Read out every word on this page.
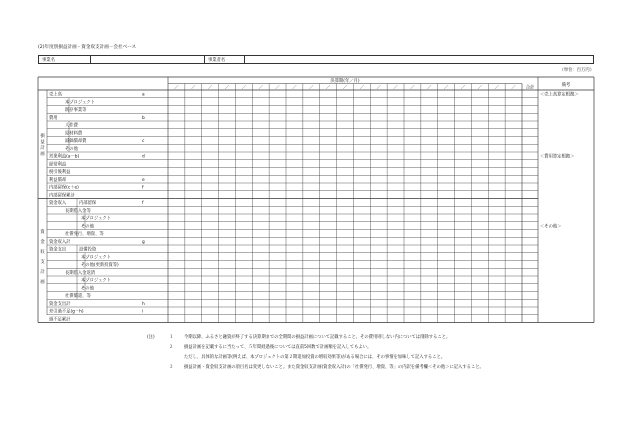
(2)年度別損益計画・資金収支計画－会社ベース
事業名	事業者名
（単位：百万円）
／	／	／	／	／	／	／	／	／	／	／	／	／	／	／	／	／	／	／	／	／
決算期(年／月)
合計	備考
損
益
計
画
資
金
収
支
計
画
売上高	a
本プロジェクト
既存事業等
費用	b
人件費
原材料費
減価償却費	c
その他
営業利益(a－b)	d
経常利益
税引後利益
利益償却	e
内部留保(c＋e)	f
内部留保累計
資金収入	内部留保	f
長期借入金等
本プロジェクト
その他
社債発行、増資、等
資金収入計	g
資金支出	設備投資
本プロジェクト
その他(更新投資等)
長期借入金返済
本プロジェクト
その他
社債償還、等
資金支出計	h
差引過不足(g－h)	i
過不足累計
＜売上高算定根拠＞
＜費用算定根拠＞
＜その他＞
(注)	１ 今期以降、ふるさと融資が終了する決算期までの全期間の損益計画について記載すること。その費用則しない内については削除すること。
２ 損益計画を記載するに当たって、５年間経過後については直前5回数で計画額を記入してもよい。
ただし、具体的な計画等(例えば、本プロジェクトの第２期追加投資の増収効果等)がある場合には、その事情を加味して記入すること。
３ 損益計画・資金収支計画の項目名は変更しないこと。また資金収支計画(資金収入計)の「社債発行、増資、等」の内訳を備考欄＜その他＞に記入すること。
